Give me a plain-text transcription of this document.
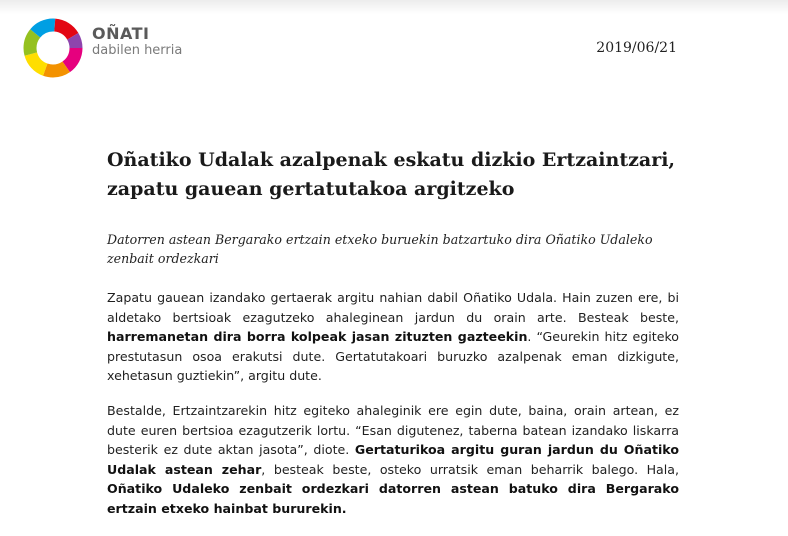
OÑATI
dabilen herria	2019/06/21
Oñatiko Udalak azalpenak eskatu dizkio Ertzaintzari, zapatu gauean gertatutakoa argitzeko

Datorren astean Bergarako ertzain etxeko buruekin batzartuko dira Oñatiko Udaleko zenbait ordezkari

Zapatu gauean izandako gertaerak argitu nahian dabil Oñatiko Udala. Hain zuzen ere, bi aldetako bertsioak ezagutzeko ahaleginean jardun du orain arte. Besteak beste, harremanetan dira borra kolpeak jasan zituzten gazteekin. “Geurekin hitz egiteko prestutasun osoa erakutsi dute. Gertatutakoari buruzko azalpenak eman dizkigute, xehetasun guztiekin”, argitu dute.

Bestalde, Ertzaintzarekin hitz egiteko ahaleginik ere egin dute, baina, orain artean, ez dute euren bertsioa ezagutzerik lortu. “Esan digutenez, taberna batean izandako liskarra besterik ez dute aktan jasota”, diote. Gertaturikoa argitu guran jardun du Oñatiko Udalak astean zehar, besteak beste, osteko urratsik eman beharrik balego. Hala, Oñatiko Udaleko zenbait ordezkari datorren astean batuko dira Bergarako ertzain etxeko hainbat bururekin.
